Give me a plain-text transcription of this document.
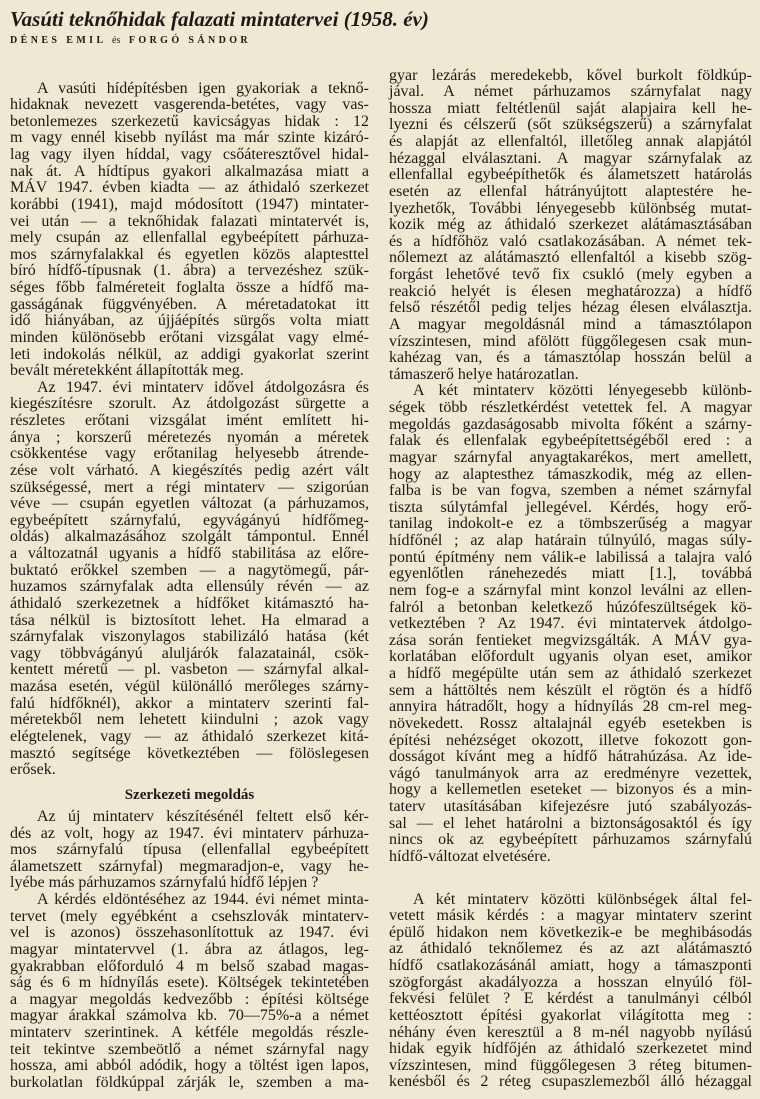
Vasúti teknőhidak falazati mintatervei (1958. év)
DÉNES EMIL és FORGÓ SÁNDOR
A vasúti hídépítésben igen gyakoriak a teknő-
hidaknak nevezett vasgerenda-betétes, vagy vas-
betonlemezes szerkezetű kavicságyas hidak : 12
m vagy ennél kisebb nyílást ma már szinte kizáró-
lag vagy ilyen híddal, vagy csőáteresztővel hidal-
nak át. A hídtípus gyakori alkalmazása miatt a
MÁV 1947. évben kiadta — az áthidaló szerkezet
korábbi (1941), majd módosított (1947) mintater-
vei után — a teknőhidak falazati mintatervét is,
mely csupán az ellenfallal egybeépített párhuza-
mos szárnyfalakkal és egyetlen közös alaptesttel
bíró hídfő-típusnak (1. ábra) a tervezéshez szük-
séges főbb falméreteit foglalta össze a hídfő ma-
gasságának függvényében. A méretadatokat itt
idő hiányában, az újjáépítés sürgős volta miatt
minden különösebb erőtani vizsgálat vagy elmé-
leti indokolás nélkül, az addigi gyakorlat szerint
bevált méretekként állapították meg.
Az 1947. évi mintaterv idővel átdolgozásra és
kiegészítésre szorult. Az átdolgozást sürgette a
részletes erőtani vizsgálat imént említett hi-
ánya ; korszerű méretezés nyomán a méretek
csökkentése vagy erőtanilag helyesebb átrende-
zése volt várható. A kiegészítés pedig azért vált
szükségessé, mert a régi mintaterv — szigorúan
véve — csupán egyetlen változat (a párhuzamos,
egybeépített szárnyfalú, egyvágányú hídfőmeg-
oldás) alkalmazásához szolgált támpontul. Ennél
a változatnál ugyanis a hídfő stabilitása az előre-
buktató erőkkel szemben — a nagytömegű, pár-
huzamos szárnyfalak adta ellensúly révén — az
áthidaló szerkezetnek a hídfőket kitámasztó ha-
tása nélkül is biztosított lehet. Ha elmarad a
szárnyfalak viszonylagos stabilizáló hatása (két
vagy többvágányú aluljárók falazatainál, csök-
kentett méretű — pl. vasbeton — szárnyfal alkal-
mazása esetén, végül különálló merőleges szárny-
falú hídfőknél), akkor a mintaterv szerinti fal-
méretekből nem lehetett kiindulni ; azok vagy
elégtelenek, vagy — az áthidaló szerkezet kitá-
masztó segítsége következtében — fölöslegesen
erősek.
Szerkezeti megoldás
Az új mintaterv készítésénél feltett első kér-
dés az volt, hogy az 1947. évi mintaterv párhuza-
mos szárnyfalú típusa (ellenfallal egybeépített
álametszett szárnyfal) megmaradjon-e, vagy he-
lyébe más párhuzamos szárnyfalú hídfő lépjen ?
A kérdés eldöntéséhez az 1944. évi német minta-
tervet (mely egyébként a csehszlovák mintaterv-
vel is azonos) összehasonlítottuk az 1947. évi
magyar mintatervvel (1. ábra az átlagos, leg-
gyakrabban előforduló 4 m belső szabad magas-
ság és 6 m hídnyílás esete). Költségek tekintetében
a magyar megoldás kedvezőbb : építési költsége
magyar árakkal számolva kb. 70—75%-a a német
mintaterv szerintinek. A kétféle megoldás részle-
teit tekintve szembeötlő a német szárnyfal nagy
hossza, ami abból adódik, hogy a töltést igen lapos,
burkolatlan földkúppal zárják le, szemben a ma-
gyar lezárás meredekebb, kővel burkolt földkúp-
jával. A német párhuzamos szárnyfalat nagy
hossza miatt feltétlenül saját alapjaira kell he-
lyezni és célszerű (sőt szükségszerű) a szárnyfalat
és alapját az ellenfaltól, illetőleg annak alapjától
hézaggal elválasztani. A magyar szárnyfalak az
ellenfallal egybeépíthetők és álametszett határolás
esetén az ellenfal hátrányújtott alaptestére he-
lyezhetők, További lényegesebb különbség mutat-
kozik még az áthidaló szerkezet alátámasztásában
és a hídfőhöz való csatlakozásában. A német tek-
nőlemezt az alátámasztó ellenfaltól a kisebb szög-
forgást lehetővé tevő fix csukló (mely egyben a
reakció helyét is élesen meghatározza) a hídfő
felső részétől pedig teljes hézag élesen elválasztja.
A magyar megoldásnál mind a támasztólapon
vízszintesen, mind afölött függőlegesen csak mun-
kahézag van, és a támasztólap hosszán belül a
támaszerő helye határozatlan.
A két mintaterv közötti lényegesebb különb-
ségek több részletkérdést vetettek fel. A magyar
megoldás gazdaságosabb mivolta főként a szárny-
falak és ellenfalak egybeépítettségéből ered : a
magyar szárnyfal anyagtakarékos, mert amellett,
hogy az alaptesthez támaszkodik, még az ellen-
falba is be van fogva, szemben a német szárnyfal
tiszta súlytámfal jellegével. Kérdés, hogy erő-
tanilag indokolt-e ez a tömbszerűség a magyar
hídfőnél ; az alap határain túlnyúló, magas súly-
pontú építmény nem válik-e labilissá a talajra való
egyenlőtlen ránehezedés miatt [1.], továbbá
nem fog-e a szárnyfal mint konzol leválni az ellen-
falról a betonban keletkező húzófeszültségek kö-
vetkeztében ? Az 1947. évi mintatervek átdolgo-
zása során fentieket megvizsgálták. A MÁV gya-
korlatában előfordult ugyanis olyan eset, amikor
a hídfő megépülte után sem az áthidaló szerkezet
sem a háttöltés nem készült el rögtön és a hídfő
annyira hátradőlt, hogy a hídnyílás 28 cm-rel meg-
növekedett. Rossz altalajnál egyéb esetekben is
építési nehézséget okozott, illetve fokozott gon-
dosságot kívánt meg a hídfő hátrahúzása. Az ide-
vágó tanulmányok arra az eredményre vezettek,
hogy a kellemetlen eseteket — bizonyos és a min-
taterv utasításában kifejezésre jutó szabályozás-
sal — el lehet határolni a biztonságosaktól és így
nincs ok az egybeépített párhuzamos szárnyfalú
hídfő-változat elvetésére.
A két mintaterv közötti különbségek által fel-
vetett másik kérdés : a magyar mintaterv szerint
épülő hidakon nem következik-e be meghibásodás
az áthidaló teknőlemez és az azt alátámasztó
hídfő csatlakozásánál amiatt, hogy a támaszponti
szögforgást akadályozza a hosszan elnyúló föl-
fekvési felület ? E kérdést a tanulmányi célból
kettéosztott építési gyakorlat világította meg :
néhány éven keresztül a 8 m-nél nagyobb nyílású
hidak egyik hídfőjén az áthidaló szerkezetet mind
vízszintesen, mind függőlegesen 3 réteg bitumen-
kenésből és 2 réteg csupaszlemezből álló hézaggal
